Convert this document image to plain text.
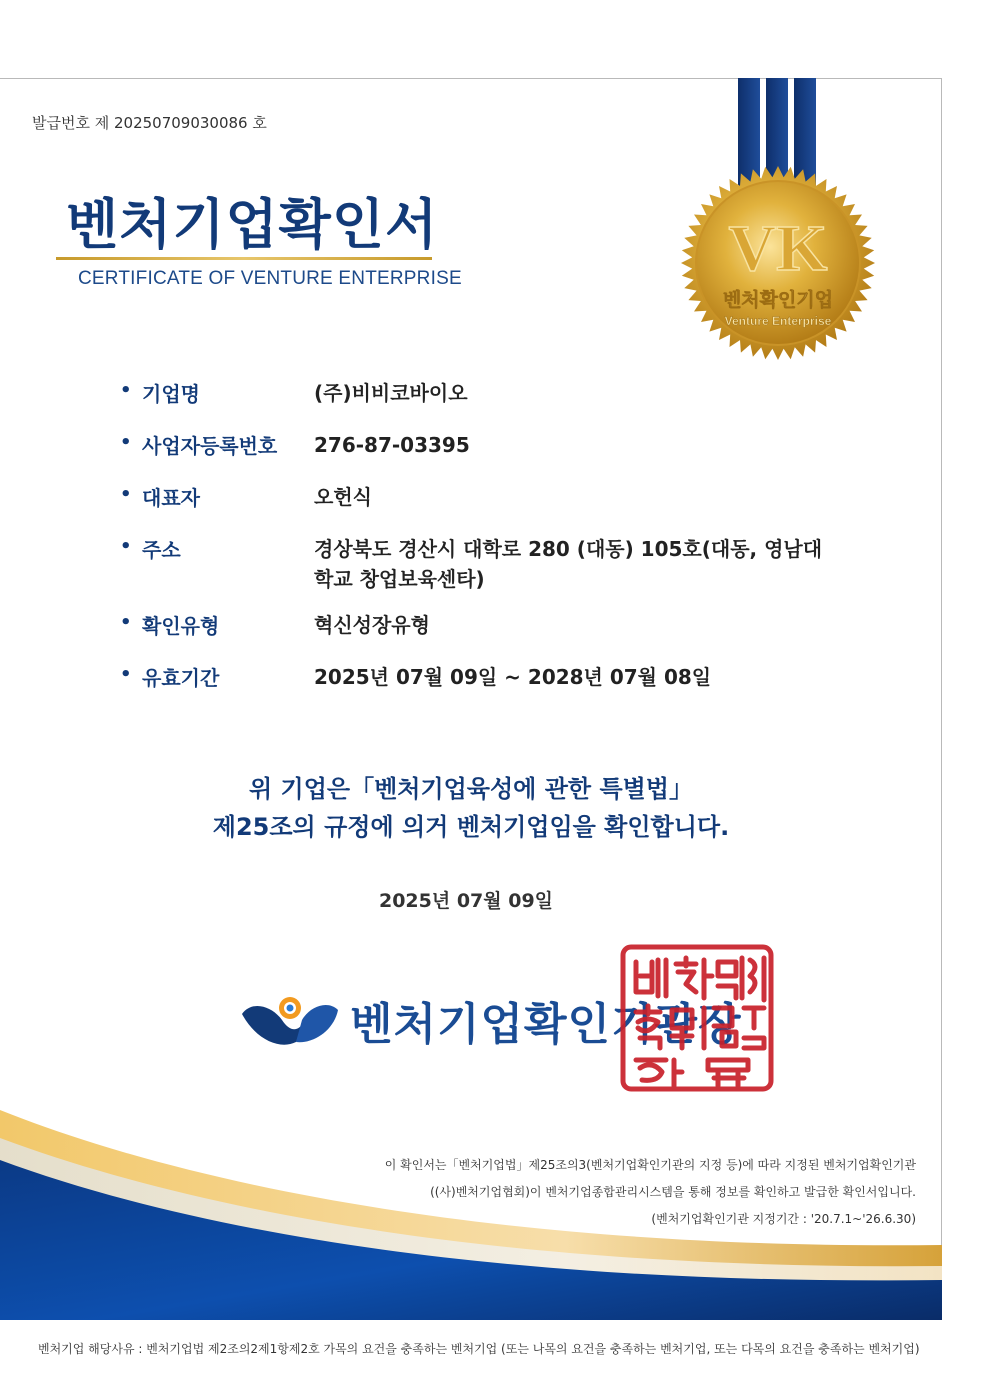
발급번호 제 20250709030086 호
벤처기업확인서
CERTIFICATE OF VENTURE ENTERPRISE	VK
벤처확인기업
Venture Enterprise
• 기업명	(주)비비코바이오
• 사업자등록번호	276-87-03395
• 대표자	오헌식
• 주소	경상북도 경산시 대학로 280 (대동) 105호(대동, 영남대 학교 창업보육센타)
• 확인유형	혁신성장유형
• 유효기간	2025년 07월 09일 ~ 2028년 07월 08일
위 기업은「벤처기업육성에 관한 특별법」
제25조의 규정에 의거 벤처기업임을 확인합니다.
2025년 07월 09일
벤처기업확인기관장
이 확인서는「벤처기업법」제25조의3(벤처기업확인기관의 지정 등)에 따라 지정된 벤처기업확인기관
((사)벤처기업협회)이 벤처기업종합관리시스템을 통해 정보를 확인하고 발급한 확인서입니다.
(벤처기업확인기관 지정기간 : '20.7.1~'26.6.30)
벤처기업 해당사유 : 벤처기업법 제2조의2제1항제2호 가목의 요건을 충족하는 벤처기업 (또는 나목의 요건을 충족하는 벤처기업, 또는 다목의 요건을 충족하는 벤처기업)
